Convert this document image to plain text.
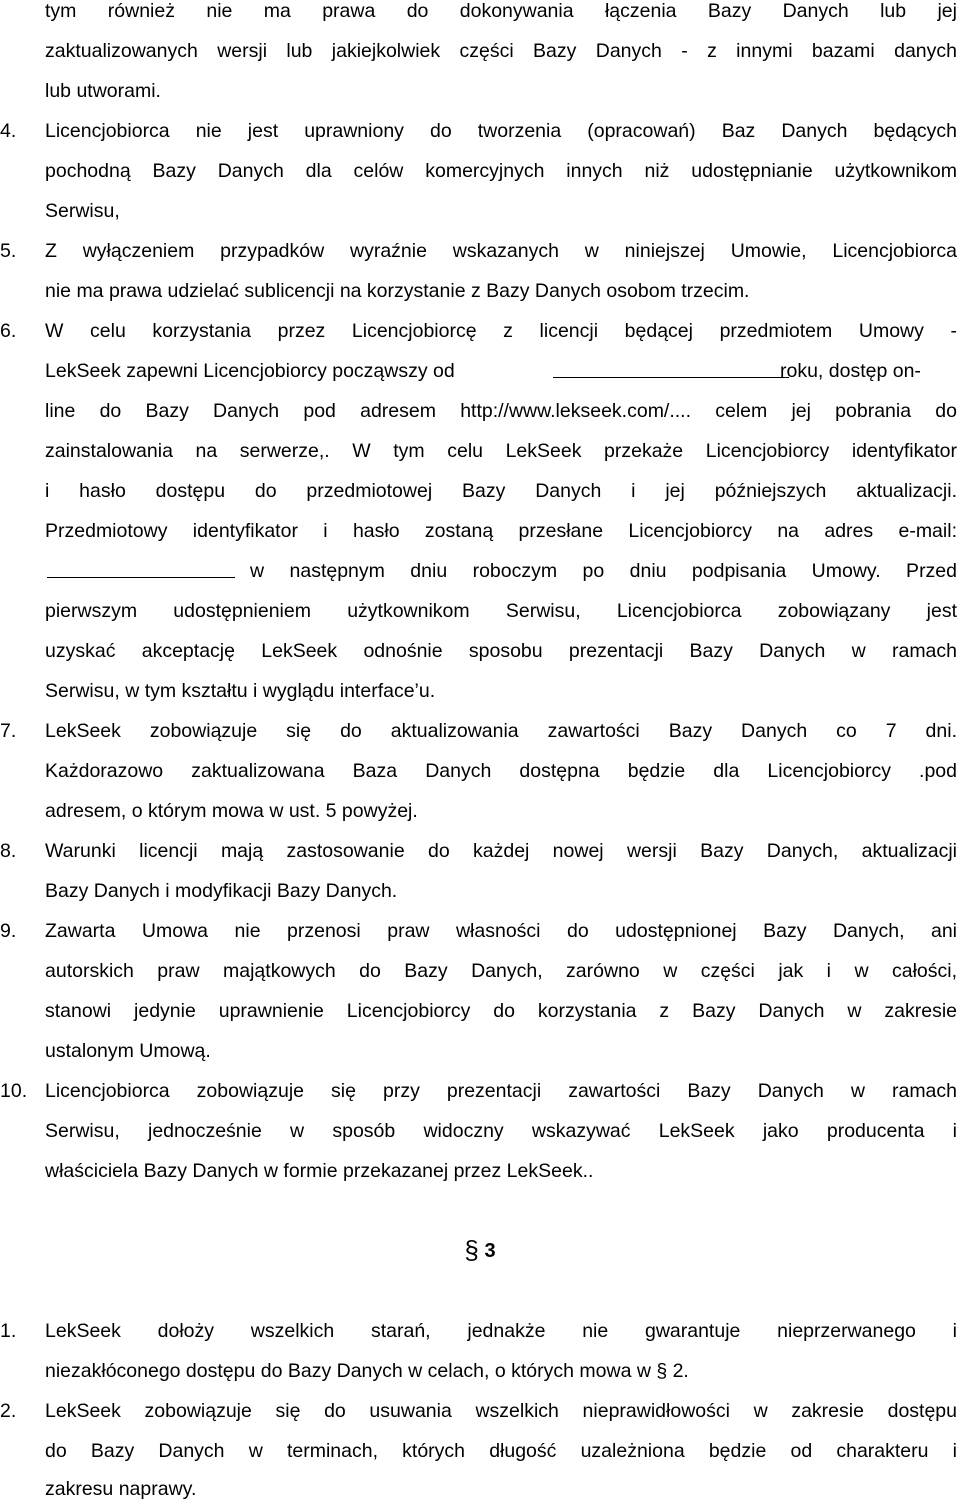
tym również nie ma prawa do dokonywania łączenia Bazy Danych lub jej
zaktualizowanych wersji lub jakiejkolwiek części Bazy Danych - z innymi bazami danych
lub utworami.
4.	Licencjobiorca nie jest uprawniony do tworzenia (opracowań) Baz Danych będących
pochodną Bazy Danych dla celów komercyjnych innych niż udostępnianie użytkownikom
Serwisu,
5.	Z wyłączeniem przypadków wyraźnie wskazanych w niniejszej Umowie, Licencjobiorca
nie ma prawa udzielać sublicencji na korzystanie z Bazy Danych osobom trzecim.
6.	W celu korzystania przez Licencjobiorcę z licencji będącej przedmiotem Umowy -
LekSeek zapewni Licencjobiorcy począwszy od	roku, dostęp on-
line do Bazy Danych pod adresem http://www.lekseek.com/.... celem jej pobrania do
zainstalowania na serwerze,. W tym celu LekSeek przekaże Licencjobiorcy identyfikator
i hasło dostępu do przedmiotowej Bazy Danych i jej późniejszych aktualizacji.
Przedmiotowy identyfikator i hasło zostaną przesłane Licencjobiorcy na adres e-mail:
w następnym dniu roboczym po dniu podpisania Umowy. Przed
pierwszym udostępnieniem użytkownikom Serwisu, Licencjobiorca zobowiązany jest
uzyskać akceptację LekSeek odnośnie sposobu prezentacji Bazy Danych w ramach
Serwisu, w tym kształtu i wyglądu interface’u.
7.	LekSeek zobowiązuje się do aktualizowania zawartości Bazy Danych co 7 dni.
Każdorazowo zaktualizowana Baza Danych dostępna będzie dla Licencjobiorcy .pod
adresem, o którym mowa w ust. 5 powyżej.
8.	Warunki licencji mają zastosowanie do każdej nowej wersji Bazy Danych, aktualizacji
Bazy Danych i modyfikacji Bazy Danych.
9.	Zawarta Umowa nie przenosi praw własności do udostępnionej Bazy Danych, ani
autorskich praw majątkowych do Bazy Danych, zarówno w części jak i w całości,
stanowi jedynie uprawnienie Licencjobiorcy do korzystania z Bazy Danych w zakresie
ustalonym Umową.
10. Licencjobiorca zobowiązuje się przy prezentacji zawartości Bazy Danych w ramach
Serwisu, jednocześnie w sposób widoczny wskazywać LekSeek jako producenta i
właściciela Bazy Danych w formie przekazanej przez LekSeek..
§ 3
1.	LekSeek dołoży wszelkich starań, jednakże nie gwarantuje nieprzerwanego i
niezakłóconego dostępu do Bazy Danych w celach, o których mowa w § 2.
2.	LekSeek zobowiązuje się do usuwania wszelkich nieprawidłowości w zakresie dostępu
do Bazy Danych w terminach, których długość uzależniona będzie od charakteru i
zakresu naprawy.
